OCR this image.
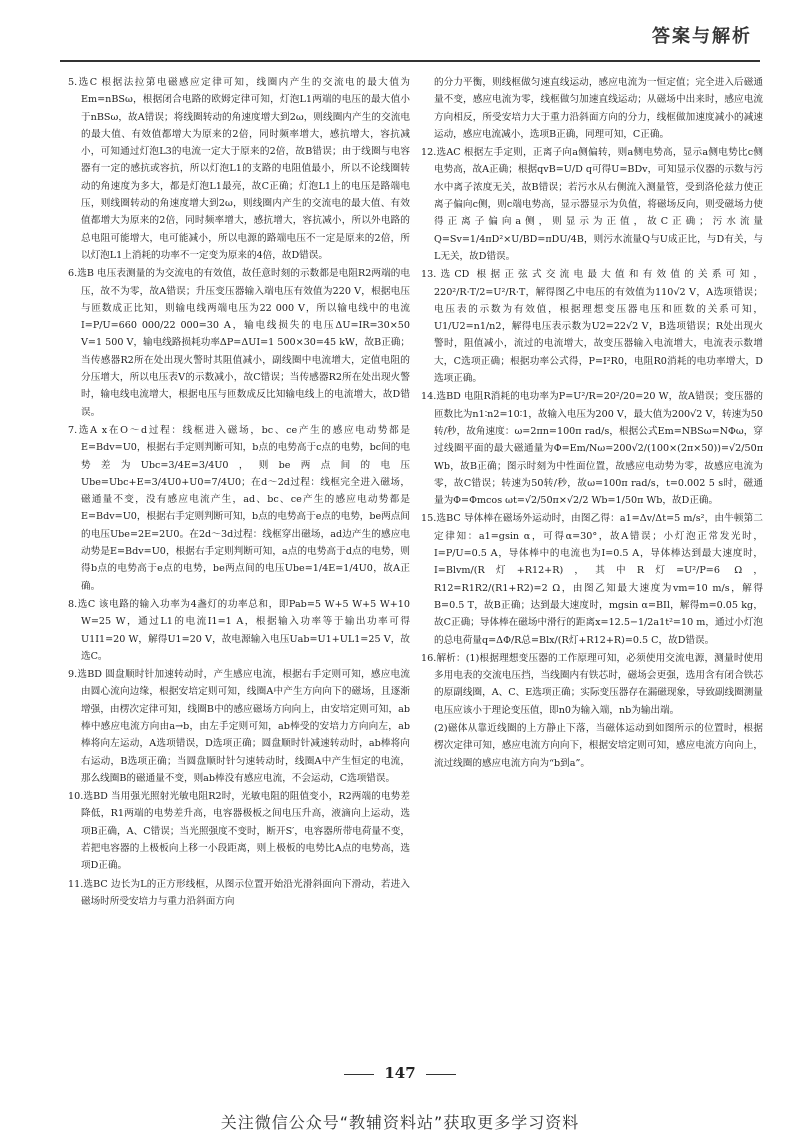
答案与解析
5.选C 根据法拉第电磁感应定律可知，线圈内产生的交流电的最大值为Em=nBSω，根据闭合电路的欧姆定律可知，灯泡L1两端的电压的最大值小于nBSω，故A错误；将线圈转动的角速度增大到2ω，则线圈内产生的交流电的最大值、有效值都增大为原来的2倍，同时频率增大，感抗增大，容抗减小，可知通过灯泡L3的电流一定大于原来的2倍，故B错误；由于线圈与电容器有一定的感抗或容抗，所以灯泡L1的支路的电阻值最小，所以不论线圈转动的角速度为多大，都是灯泡L1最亮，故C正确；灯泡L1上的电压是路端电压，则线圈转动的角速度增大到2ω，则线圈内产生的交流电的最大值、有效值都增大为原来的2倍，同时频率增大，感抗增大，容抗减小，所以外电路的总电阻可能增大，电可能减小，所以电源的路端电压不一定是原来的2倍，所以灯泡L1上消耗的功率不一定变为原来的4倍，故D错误。
6.选B 电压表测量的为交流电的有效值，故任意时刻的示数都是电阻R2两端的电压，故不为零，故A错误；升压变压器输入端电压有效值为220 V，根据电压与匝数成正比知，则输电线两端电压为22 000 V，所以输电线中的电流I=P/U=660 000/22 000=30 A，输电线损失的电压ΔU=IR=30×50 V=1 500 V，输电线路损耗功率ΔP=ΔUI=1 500×30=45 kW，故B正确；当传感器R2所在处出现火警时其阻值减小，副线圈中电流增大，定值电阻的分压增大，所以电压表V的示数减小，故C错误；当传感器R2所在处出现火警时，输电线电流增大，根据电压与匝数成反比知输电线上的电流增大，故D错误。
7.选A x在O～d过程：线框进入磁场，bc、ce产生的感应电动势都是E=Bdv=U0，根据右手定则判断可知，b点的电势高于c点的电势，bc间的电势差为Ubc=3/4E=3/4U0，则be两点间的电压Ube=Ubc+E=3/4U0+U0=7/4U0；在d～2d过程：线框完全进入磁场，磁通量不变，没有感应电流产生，ad、bc、ce产生的感应电动势都是E=Bdv=U0，根据右手定则判断可知，b点的电势高于e点的电势，be两点间的电压Ube=2E=2U0。在2d～3d过程：线框穿出磁场，ad边产生的感应电动势是E=Bdv=U0，根据右手定则判断可知，a点的电势高于d点的电势，则得b点的电势高于e点的电势，be两点间的电压Ube=1/4E=1/4U0，故A正确。
8.选C 该电路的输入功率为4盏灯的功率总和，即Pab=5 W+5 W+5 W+10 W=25 W，通过L1的电流I1=1 A，根据输入功率等于输出功率可得U1I1=20 W，解得U1=20 V，故电源输入电压Uab=U1+UL1=25 V，故选C。
9.选BD 圆盘顺时针加速转动时，产生感应电流，根据右手定则可知，感应电流由圆心流向边缘，根据安培定则可知，线圈A中产生方向向下的磁场，且逐渐增强，由楞次定律可知，线圈B中的感应磁场方向向上，由安培定则可知，ab棒中感应电流方向由a→b，由左手定则可知，ab棒受的安培力方向向左，ab棒将向左运动，A选项错误，D选项正确；圆盘顺时针减速转动时，ab棒将向右运动，B选项正确；当圆盘顺时针匀速转动时，线圈A中产生恒定的电流，那么线圈B的磁通量不变，则ab棒没有感应电流，不会运动，C选项错误。
10.选BD 当用强光照射光敏电阻R2时，光敏电阻的阻值变小，R2两端的电势差降低，R1两端的电势差升高，电容器极板之间电压升高，液滴向上运动，选项B正确，A、C错误；当光照强度不变时，断开S′，电容器所带电荷量不变，若把电容器的上极板向上移一小段距离，则上极板的电势比A点的电势高，选项D正确。
11.选BC 边长为L的正方形线框，从图示位置开始沿光滑斜面向下滑动，若进入磁场时所受安培力与重力沿斜面方向
的分力平衡，则线框做匀速直线运动，感应电流为一恒定值；完全进入后磁通量不变，感应电流为零，线框做匀加速直线运动；从磁场中出来时，感应电流方向相反，所受安培力大于重力沿斜面方向的分力，线框做加速度减小的减速运动，感应电流减小，选项B正确，同理可知，C正确。
12.选AC 根据左手定则，正离子向a侧偏转，则a侧电势高，显示a侧电势比c侧电势高，故A正确；根据qvB=U/D q可得U=BDv，可知显示仪器的示数与污水中离子浓度无关，故B错误；若污水从右侧流入测量管，受到洛伦兹力使正离子偏向c侧，则c端电势高，显示器显示为负值，将磁场反向，则受磁场力使得正离子偏向a侧，则显示为正值，故C正确；污水流量Q=Sv=1/4πD²×U/BD=πDU/4B，则污水流量Q与U成正比，与D有关，与L无关，故D错误。
13.选CD 根据正弦式交流电最大值和有效值的关系可知，220²/R·T/2=U²/R·T，解得图乙中电压的有效值为110√2 V，A选项错误；电压表的示数为有效值，根据理想变压器电压和匝数的关系可知，U1/U2=n1/n2，解得电压表示数为U2=22√2 V，B选项错误；R处出现火警时，阻值减小，流过的电流增大，故变压器输入电流增大，电流表示数增大，C选项正确；根据功率公式得，P=I²R0，电阻R0消耗的电功率增大，D选项正确。
14.选BD 电阻R消耗的电功率为P=U²/R=20²/20=20 W，故A错误；变压器的匝数比为n1∶n2=10∶1，故输入电压为200 V，最大值为200√2 V，转速为50转/秒，故角速度：ω=2πn=100π rad/s，根据公式Em=NBSω=NΦω，穿过线圈平面的最大磁通量为Φ=Em/Nω=200√2/(100×(2π×50))=√2/50π Wb，故B正确；图示时刻为中性面位置，故感应电动势为零，故感应电流为零，故C错误；转速为50转/秒，故ω=100π rad/s，t=0.002 5 s时，磁通量为Φ=Φmcos ωt=√2/50π×√2/2 Wb=1/50π Wb，故D正确。
15.选BC 导体棒在磁场外运动时，由图乙得：a1=Δv/Δt=5 m/s²，由牛顿第二定律知：a1=gsin α，可得α=30°，故A错误；小灯泡正常发光时，I=P/U=0.5 A，导体棒中的电流也为I=0.5 A，导体棒达到最大速度时，I=Blvm/(R灯+R12+R)，其中R灯=U²/P=6 Ω，R12=R1R2/(R1+R2)=2 Ω，由图乙知最大速度为vm=10 m/s，解得B=0.5 T，故B正确；达到最大速度时，mgsin α=BIl，解得m=0.05 kg，故C正确；导体棒在磁场中滑行的距离x=12.5−1/2a1t²=10 m，通过小灯泡的总电荷量q=ΔΦ/R总=Blx/(R灯+R12+R)=0.5 C，故D错误。
16.解析：(1)根据理想变压器的工作原理可知，必须使用交流电源，测量时使用多用电表的交流电压挡，当线圈内有铁芯时，磁场会更强，选用含有闭合铁芯的原副线圈，A、C、E选项正确；实际变压器存在漏磁现象，导致副线圈测量电压应该小于理论变压值，即n0为输入端，nb为输出端。
(2)磁体从靠近线圈的上方静止下落，当磁体运动到如图所示的位置时，根据楞次定律可知，感应电流方向向下，根据安培定则可知，感应电流方向向上，流过线圈的感应电流方向为“b到a”。
147
关注微信公众号“教辅资料站”获取更多学习资料
